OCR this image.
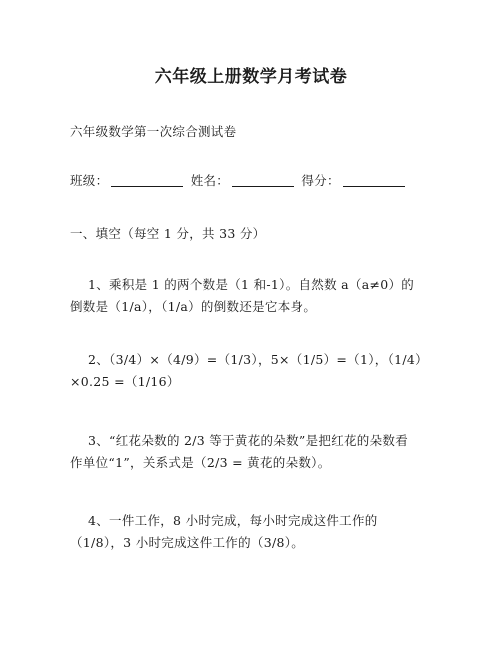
六年级上册数学月考试卷
六年级数学第一次综合测试卷
班级：	姓名：	得分：
一、填空（每空 1 分，共 33 分）
1、乘积是 1 的两个数是（1 和-1）。自然数 a（a≠0）的
倒数是（1/a），（1/a）的倒数还是它本身。
2、（3/4）×（4/9）=（1/3），5×（1/5）=（1），（1/4）
×0.25 =（1/16）
3、“红花朵数的 2/3 等于黄花的朵数”是把红花的朵数看
作单位“1”，关系式是（2/3 = 黄花的朵数）。
4、一件工作，8 小时完成，每小时完成这件工作的
（1/8），3 小时完成这件工作的（3/8）。
